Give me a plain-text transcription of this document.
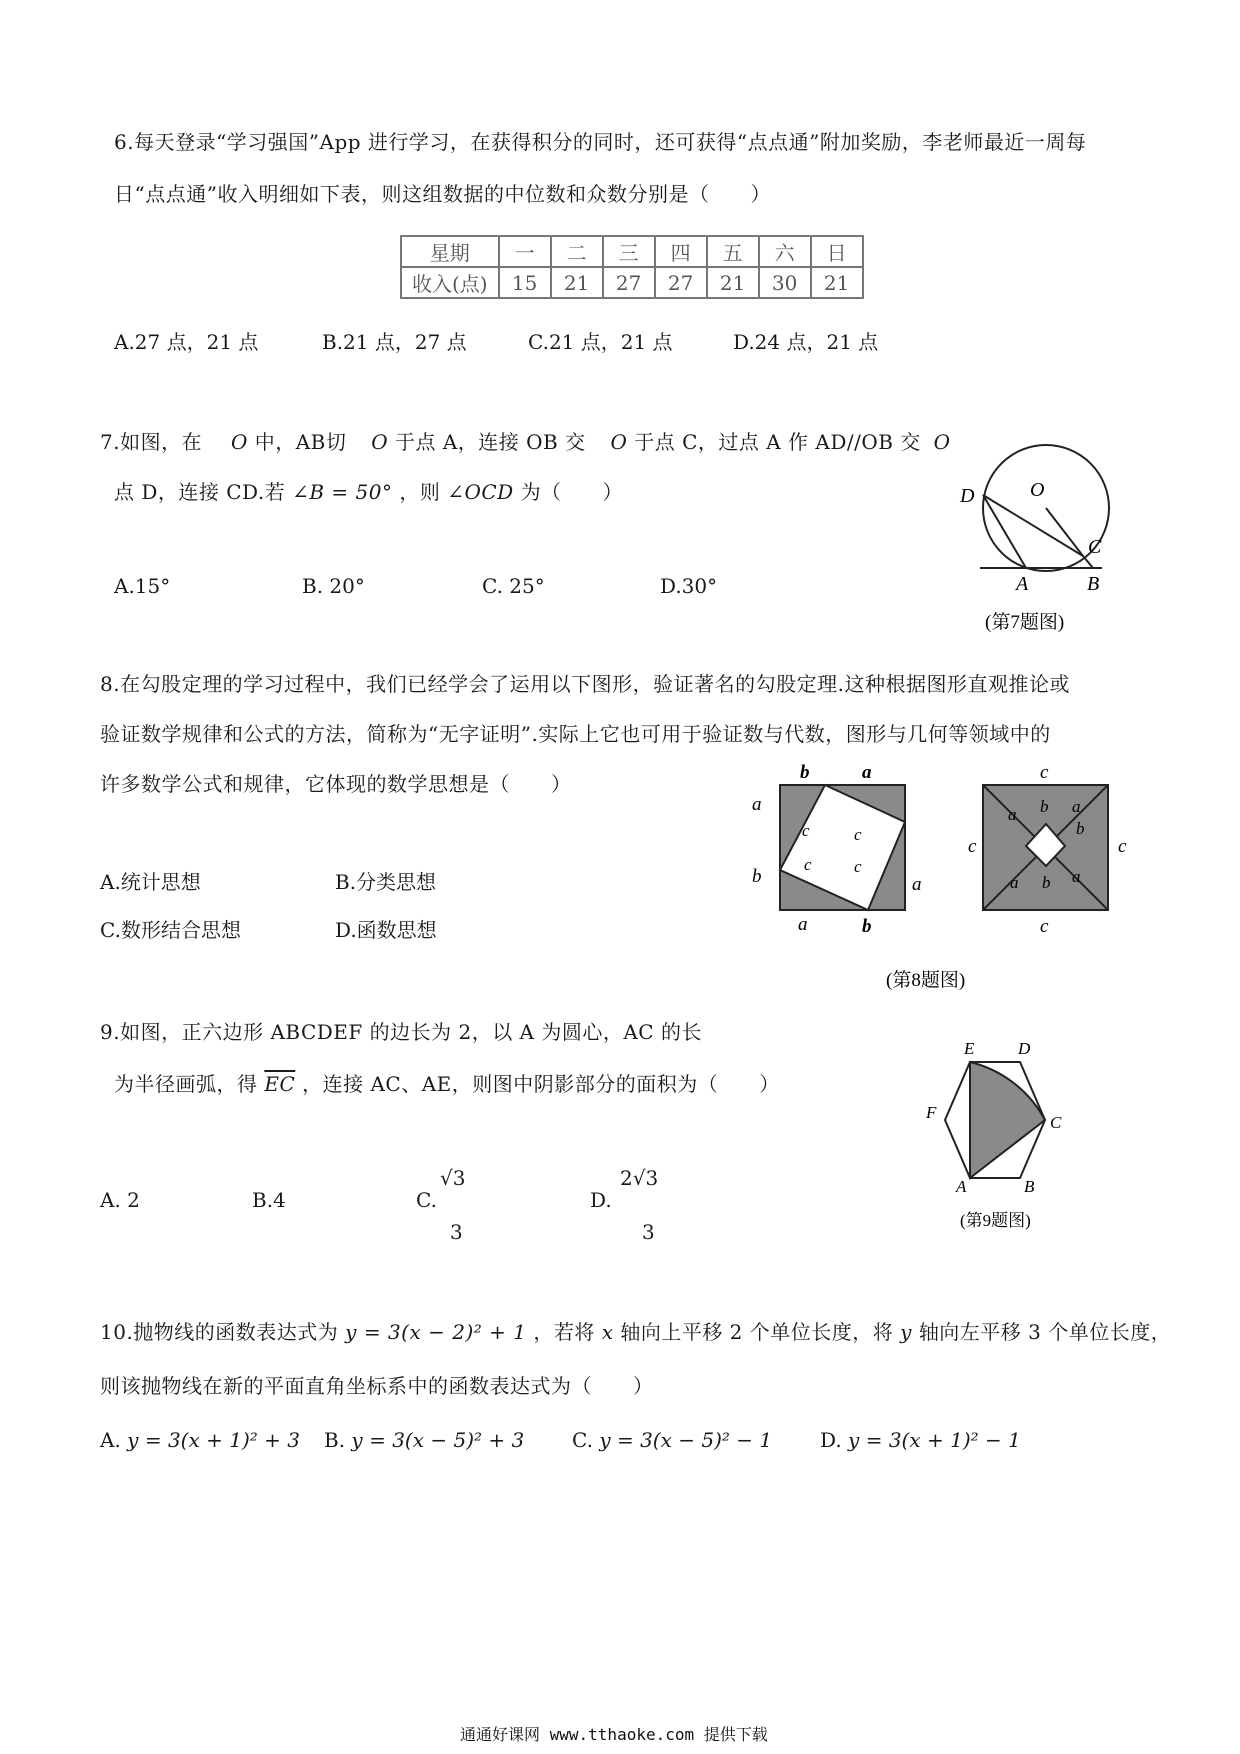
6.每天登录“学习强国”App 进行学习，在获得积分的同时，还可获得“点点通”附加奖励，李老师最近一周每
日“点点通”收入明细如下表，则这组数据的中位数和众数分别是（　　）
星期	一	二	三	四	五	六	日
收入(点)	15	21	27	27	21	30	21
A.27 点，21 点	B.21 点，27 点	C.21 点，21 点	D.24 点，21 点
7.如图，在 O 中，AB切 O 于点 A，连接 OB 交 O 于点 C，过点 A 作 AD//OB 交 O
点 D，连接 CD.若 ∠B = 50° ，则 ∠OCD 为（　　）
A.15°	B. 20°	C. 25°	D.30°
D	O
C
A	B
(第7题图)
8.在勾股定理的学习过程中，我们已经学会了运用以下图形，验证著名的勾股定理.这种根据图形直观推论或
验证数学规律和公式的方法，简称为“无字证明”.实际上它也可用于验证数与代数，图形与几何等领域中的
许多数学公式和规律，它体现的数学思想是（　　）
A.统计思想	B.分类思想
C.数形结合思想	D.函数思想
b	a
a
b	a
a	b
c	c
c c
c
c	c
c
a b a
b
a b a
(第8题图)
9.如图，正六边形 ABCDEF 的边长为 2，以 A 为圆心，AC 的长
为半径画弧，得 $\overline{EC}$ ，连接 AC、AE，则图中阴影部分的面积为（　　）
A. 2	B.4	C.
√3
3
D.
2√3
3
E	D
F
C
A	B
(第9题图)
10.抛物线的函数表达式为 y = 3(x − 2)² + 1 ，若将 x 轴向上平移 2 个单位长度，将 y 轴向左平移 3 个单位长度，
则该抛物线在新的平面直角坐标系中的函数表达式为（　　）
A. y = 3(x + 1)² + 3 B. y = 3(x − 5)² + 3 C. y = 3(x − 5)² − 1 D. y = 3(x + 1)² − 1
通通好课网 www.tthaoke.com 提供下载
